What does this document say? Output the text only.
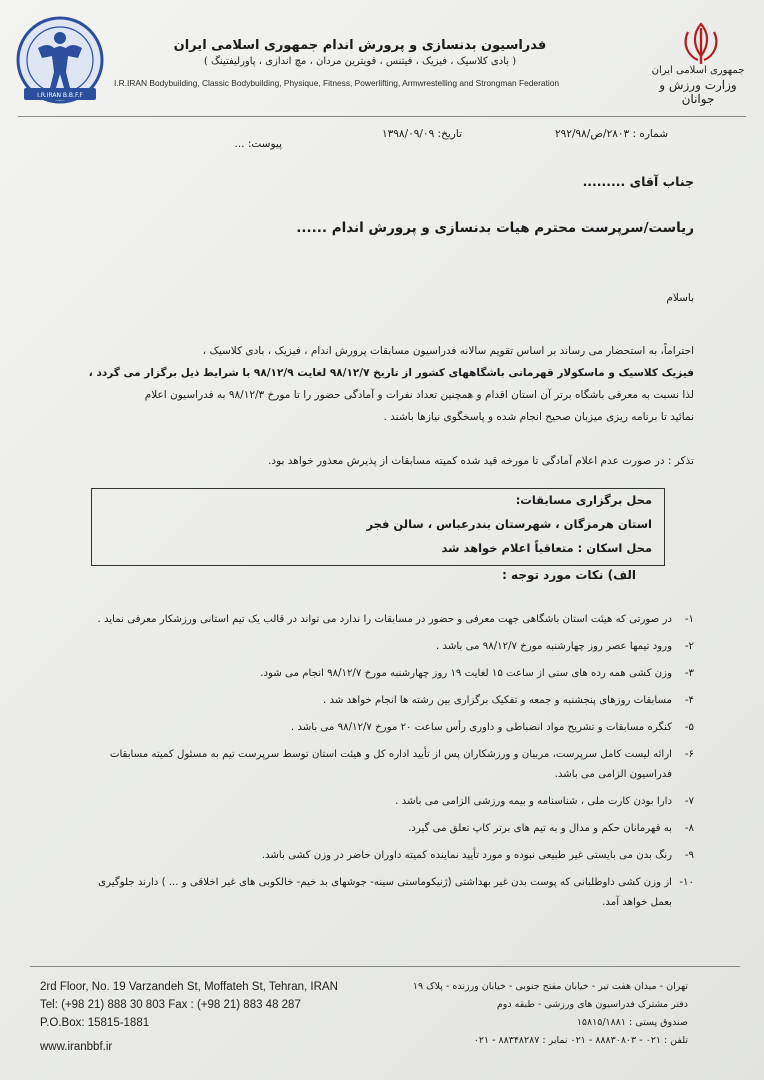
I.R.IRAN B.B.F.F
جمهوری اسلامی ایران
وزارت ورزش و جوانان
فدراسیون بدنسازی و پرورش اندام جمهوری اسلامی ایران
( بادی کلاسیک ، فیزیک ، فیتنس ، قویترین مردان ، مچ اندازی ، پاورلیفتینگ )
I.R.IRAN Bodybuilding, Classic Bodybuilding, Physique, Fitness, Powerlifting, Armwrestelling and Strongman Federation
شماره : ۲۸۰۳/ص/۲۹۲/۹۸
تاریخ: ۱۳۹۸/۰۹/۰۹
پیوست: ...
جناب آقای .........
ریاست/سرپرست محترم هیات بدنسازی و پرورش اندام ......
باسلام
احتراماً، به استحضار می رساند بر اساس تقویم سالانه فدراسیون مسابقات پرورش اندام ، فیزیک ، بادی کلاسیک ،
فیزیک کلاسیک و ماسکولار قهرمانی باشگاههای کشور از تاریخ ۹۸/۱۲/۷ لغایت ۹۸/۱۲/۹ با شرایط ذیل برگزار می گردد ،
لذا نسبت به معرفی باشگاه برتر آن استان اقدام و همچنین تعداد نفرات و آمادگی حضور را تا مورخ ۹۸/۱۲/۳ به فدراسیون اعلام
نمائید تا برنامه ریزی میزبان صحیح انجام شده و پاسخگوی نیازها باشند .
تذکر : در صورت عدم اعلام آمادگی تا مورخه قید شده کمیته مسابقات از پذیرش معذور خواهد بود.
محل برگزاری مسابقات:
استان هرمزگان ، شهرستان بندرعباس ، سالن فجر
محل اسکان : متعاقباً اعلام خواهد شد
الف) نکات مورد توجه :
۱-
در صورتی که هیئت استان باشگاهی جهت معرفی و حضور در مسابقات را ندارد می تواند در قالب یک تیم استانی ورزشکار معرفی نماید .
۲-
ورود تیمها عصر روز چهارشنبه مورخ ۹۸/۱۲/۷ می باشد .
۳-
وزن کشی همه رده های سنی از ساعت ۱۵ لغایت ۱۹ روز چهارشنبه مورخ ۹۸/۱۲/۷ انجام می شود.
۴-
مسابقات روزهای پنجشنبه و جمعه و تفکیک برگزاری بین رشته ها انجام خواهد شد .
۵-
کنگره مسابقات و تشریح مواد انضباطی و داوری رأس ساعت ۲۰ مورخ ۹۸/۱۲/۷ می باشد .
۶-
ارائه لیست کامل سرپرست، مربیان و ورزشکاران پس از تأیید اداره کل و هیئت استان توسط سرپرست تیم به مسئول کمیته مسابقات فدراسیون الزامی می باشد.
۷-
دارا بودن کارت ملی ، شناسنامه و بیمه ورزشی الزامی می باشد .
۸-
به قهرمانان حکم و مدال و به تیم های برتر کاپ تعلق می گیرد.
۹-
رنگ بدن می بایستی غیر طبیعی نبوده و مورد تأیید نماینده کمیته داوران حاضر در وزن کشی باشد.
۱۰-
از وزن کشی داوطلبانی که پوست بدن غیر بهداشتی (ژنیکوماستی سینه- جوشهای بد خیم- خالکوبی های غیر اخلاقی و ... ) دارند جلوگیری بعمل خواهد آمد.
2rd Floor, No. 19 Varzandeh St, Moffateh St, Tehran, IRAN
Tel: (+98 21) 888 30 803 Fax : (+98 21) 883 48 287
P.O.Box: 15815-1881
www.iranbbf.ir
تهران - میدان هفت تیر - خیابان مفتح جنوبی - خیابان ورزنده - پلاک ۱۹
دفتر مشترک فدراسیون های ورزشی - طبقه دوم
صندوق پستی : ۱۵۸۱۵/۱۸۸۱
تلفن : ۰۲۱ - ۸۸۸۳۰۸۰۳ - ۰۲۱ نمابر : ۸۸۳۴۸۲۸۷ - ۰۲۱
